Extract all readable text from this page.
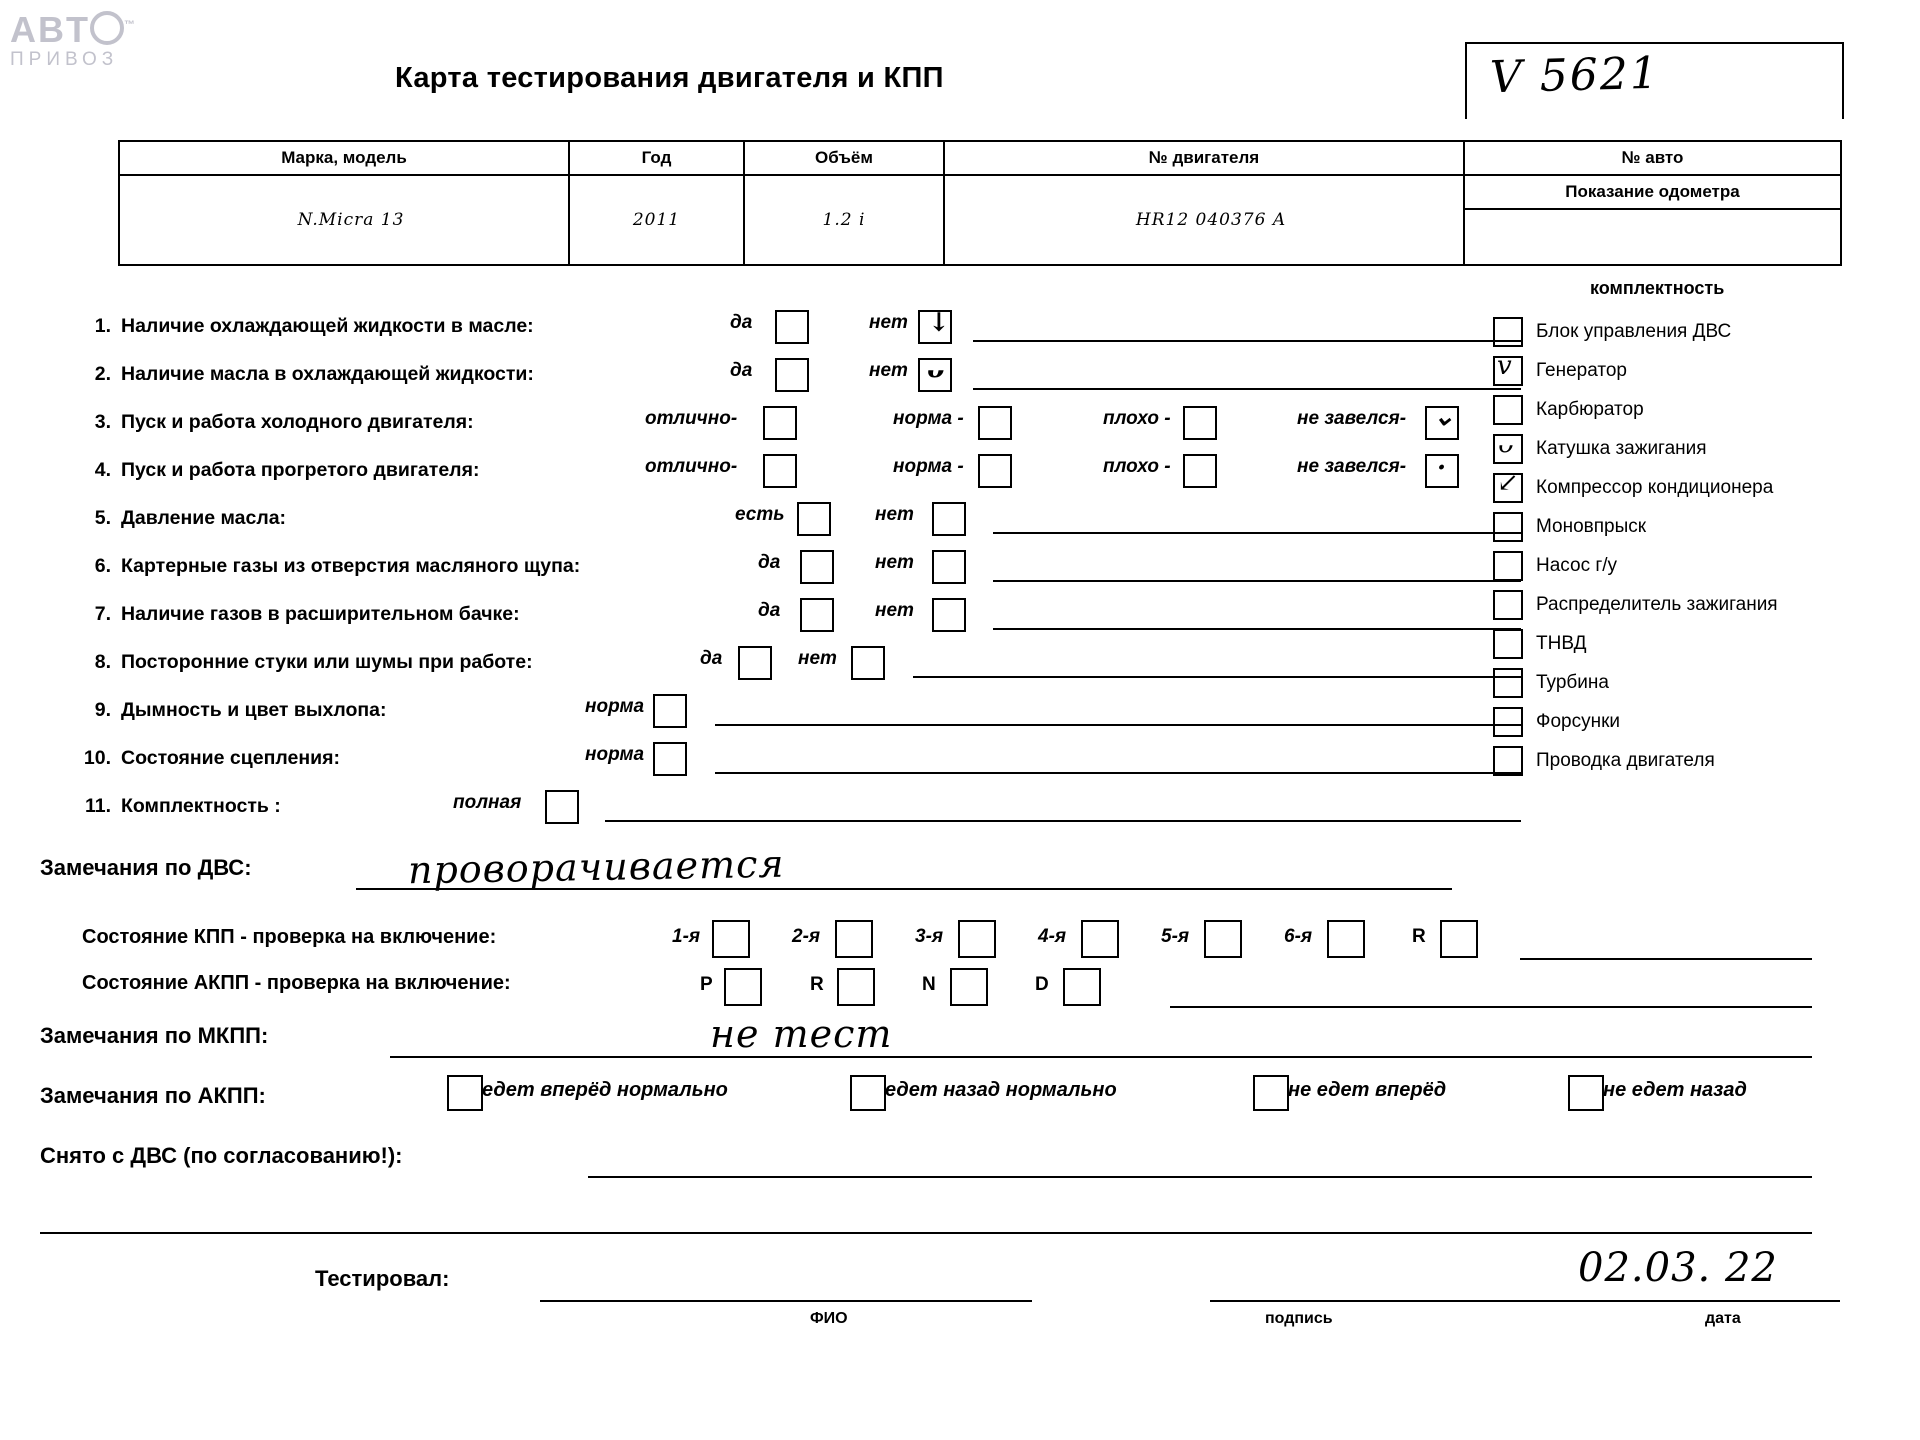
ABT	™
ПРИВОЗ
Карта тестирования двигателя и КПП	V 5621
Марка, модель	Год	Объём	№ двигателя	№ авто
N.Micra 13	2011	1.2 i	HR12 040376 A	Показание одометра

комплектность
Блок управления ДВС
v Генератор
Карбюратор
ᴗ Катушка зажигания
↙ Компрессор кондиционера
Моновпрыск
Насос г/у
Распределитель зажигания
ТНВД
Турбина
Форсунки
Проводка двигателя
1. Наличие охлаждающей жидкости в масле:	да	нет ↓
2. Наличие масла в охлаждающей жидкости:	да	нет ᴗ
3. Пуск и работа холодного двигателя:	отлично-	норма -	плохо -	не завелся- ⌄
4. Пуск и работа прогретого двигателя:	отлично-	норма -	плохо -	не завелся- .
5. Давление масла:	есть	нет
6. Картерные газы из отверстия масляного щупа:	да	нет
7. Наличие газов в расширительном бачке:	да	нет
8. Посторонние стуки или шумы при работе:	да	нет
9. Дымность и цвет выхлопа:	норма
10. Состояние сцепления:	норма
11. Комплектность :	полная
Замечания по ДВС:	проворачивается
Состояние КПП - проверка на включение:	1-я	2-я	3-я	4-я	5-я	6-я	R
Состояние АКПП - проверка на включение:	P	R	N	D
Замечания по МКПП:	не тест
Замечания по АКПП:	едет вперёд нормально	едет назад нормально	не едет вперёд	не едет назад
Снято с ДВС (по согласованию!):
Тестировал:	02.03. 22
ФИО	подпись	дата
